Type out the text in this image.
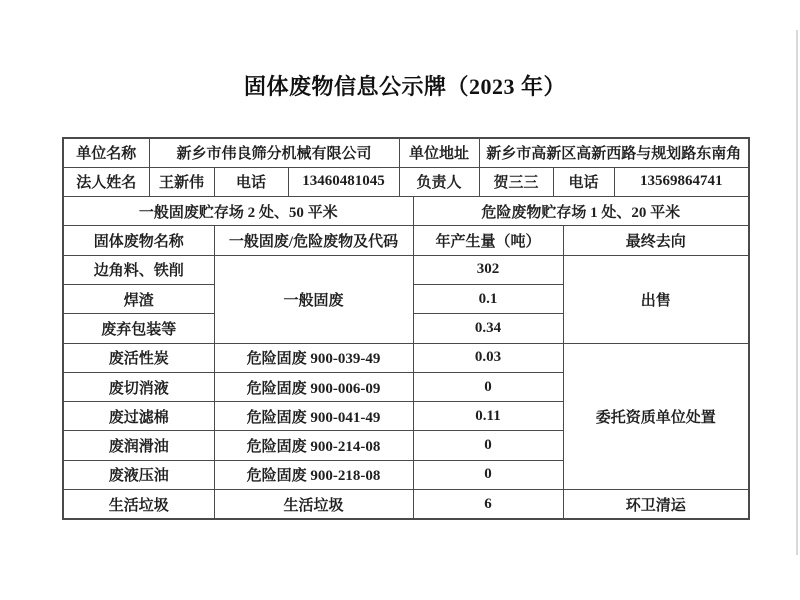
固体废物信息公示牌（2023 年）
单位名称	新乡市伟良筛分机械有限公司			单位地址		新乡市高新区高新西路与规划路东南角			
法人姓名	王新伟	电话	13460481045	负责人		贺三三	电话		13569864741
一般固废贮存场 2 处、50 平米					危险废物贮存场 1 处、20 平米				
固体废物名称		一般固废/危险废物及代码			年产生量（吨）			最终去向	
边角料、铁削		一般固废			302			出售	
焊渣					0.1				
废弃包装等					0.34				
废活性炭		危险固废 900-039-49			0.03			委托资质单位处置	
废切消液		危险固废 900-006-09			0				
废过滤棉		危险固废 900-041-49			0.11				
废润滑油		危险固废 900-214-08			0				
废液压油		危险固废 900-218-08			0				
生活垃圾		生活垃圾			6			环卫清运	
